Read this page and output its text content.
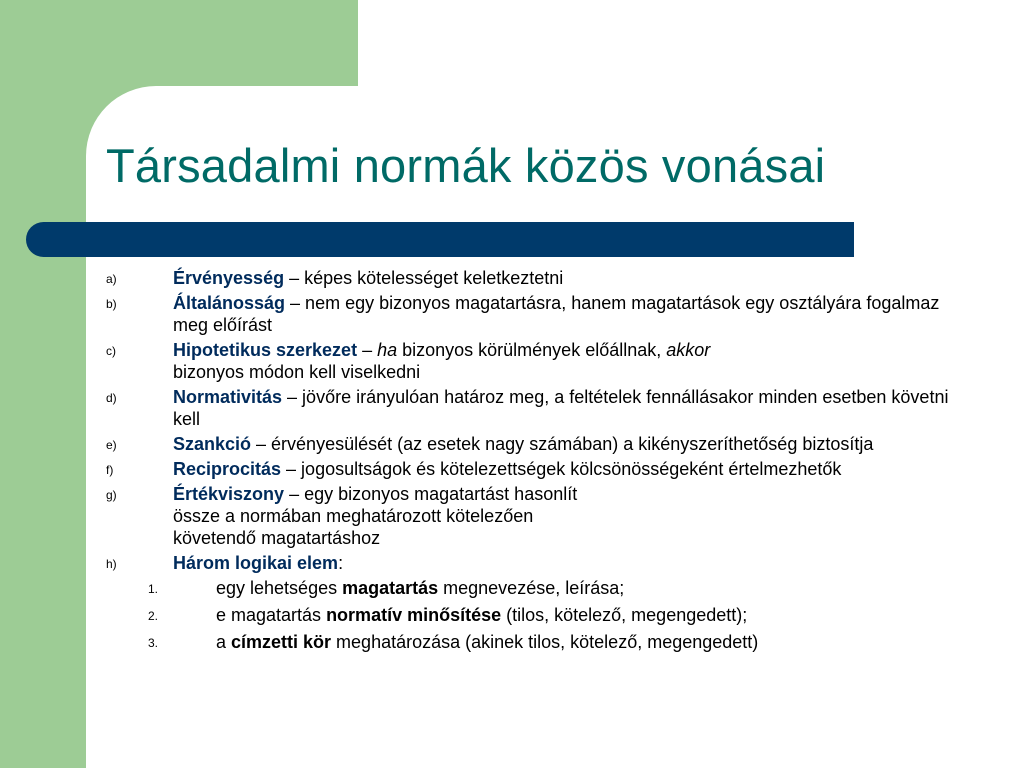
Társadalmi normák közös vonásai
a)	Érvényesség – képes kötelességet keletkeztetni
b)	Általánosság – nem egy bizonyos magatartásra, hanem magatartások egy osztályára fogalmaz meg előírást
c)	Hipotetikus szerkezet – ha bizonyos körülmények előállnak, akkor
bizonyos módon kell viselkedni
d)	Normativitás – jövőre irányulóan határoz meg, a feltételek fennállásakor minden esetben követni kell
e)	Szankció – érvényesülését (az esetek nagy számában) a kikényszeríthetőség biztosítja
f)	Reciprocitás – jogosultságok és kötelezettségek kölcsönösségeként értelmezhetők
g)	Értékviszony – egy bizonyos magatartást hasonlít
össze a normában meghatározott kötelezően
követendő magatartáshoz
h)	Három logikai elem:
1.	egy lehetséges magatartás megnevezése, leírása;
2.	e magatartás normatív minősítése (tilos, kötelező, megengedett);
3.	a címzetti kör meghatározása (akinek tilos, kötelező, megengedett)
